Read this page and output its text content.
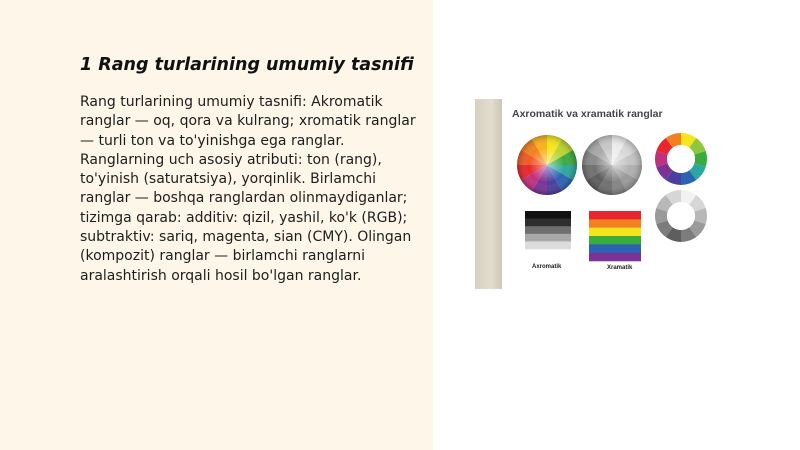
1 Rang turlarining umumiy tasnifi

Rang turlarining umumiy tasnifi: Akromatik ranglar — oq, qora va kulrang; xromatik ranglar — turli ton va to'yinishga ega ranglar. Ranglarning uch asosiy atributi: ton (rang), to'yinish (saturatsiya), yorqinlik. Birlamchi ranglar — boshqa ranglardan olinmaydiganlar; tizimga qarab: additiv: qizil, yashil, ko'k (RGB); subtraktiv: sariq, magenta, sian (CMY). Olingan (kompozit) ranglar — birlamchi ranglarni aralashtirish orqali hosil bo'lgan ranglar.

Axromatik va xramatik ranglar
Axromatik	Xramatik
